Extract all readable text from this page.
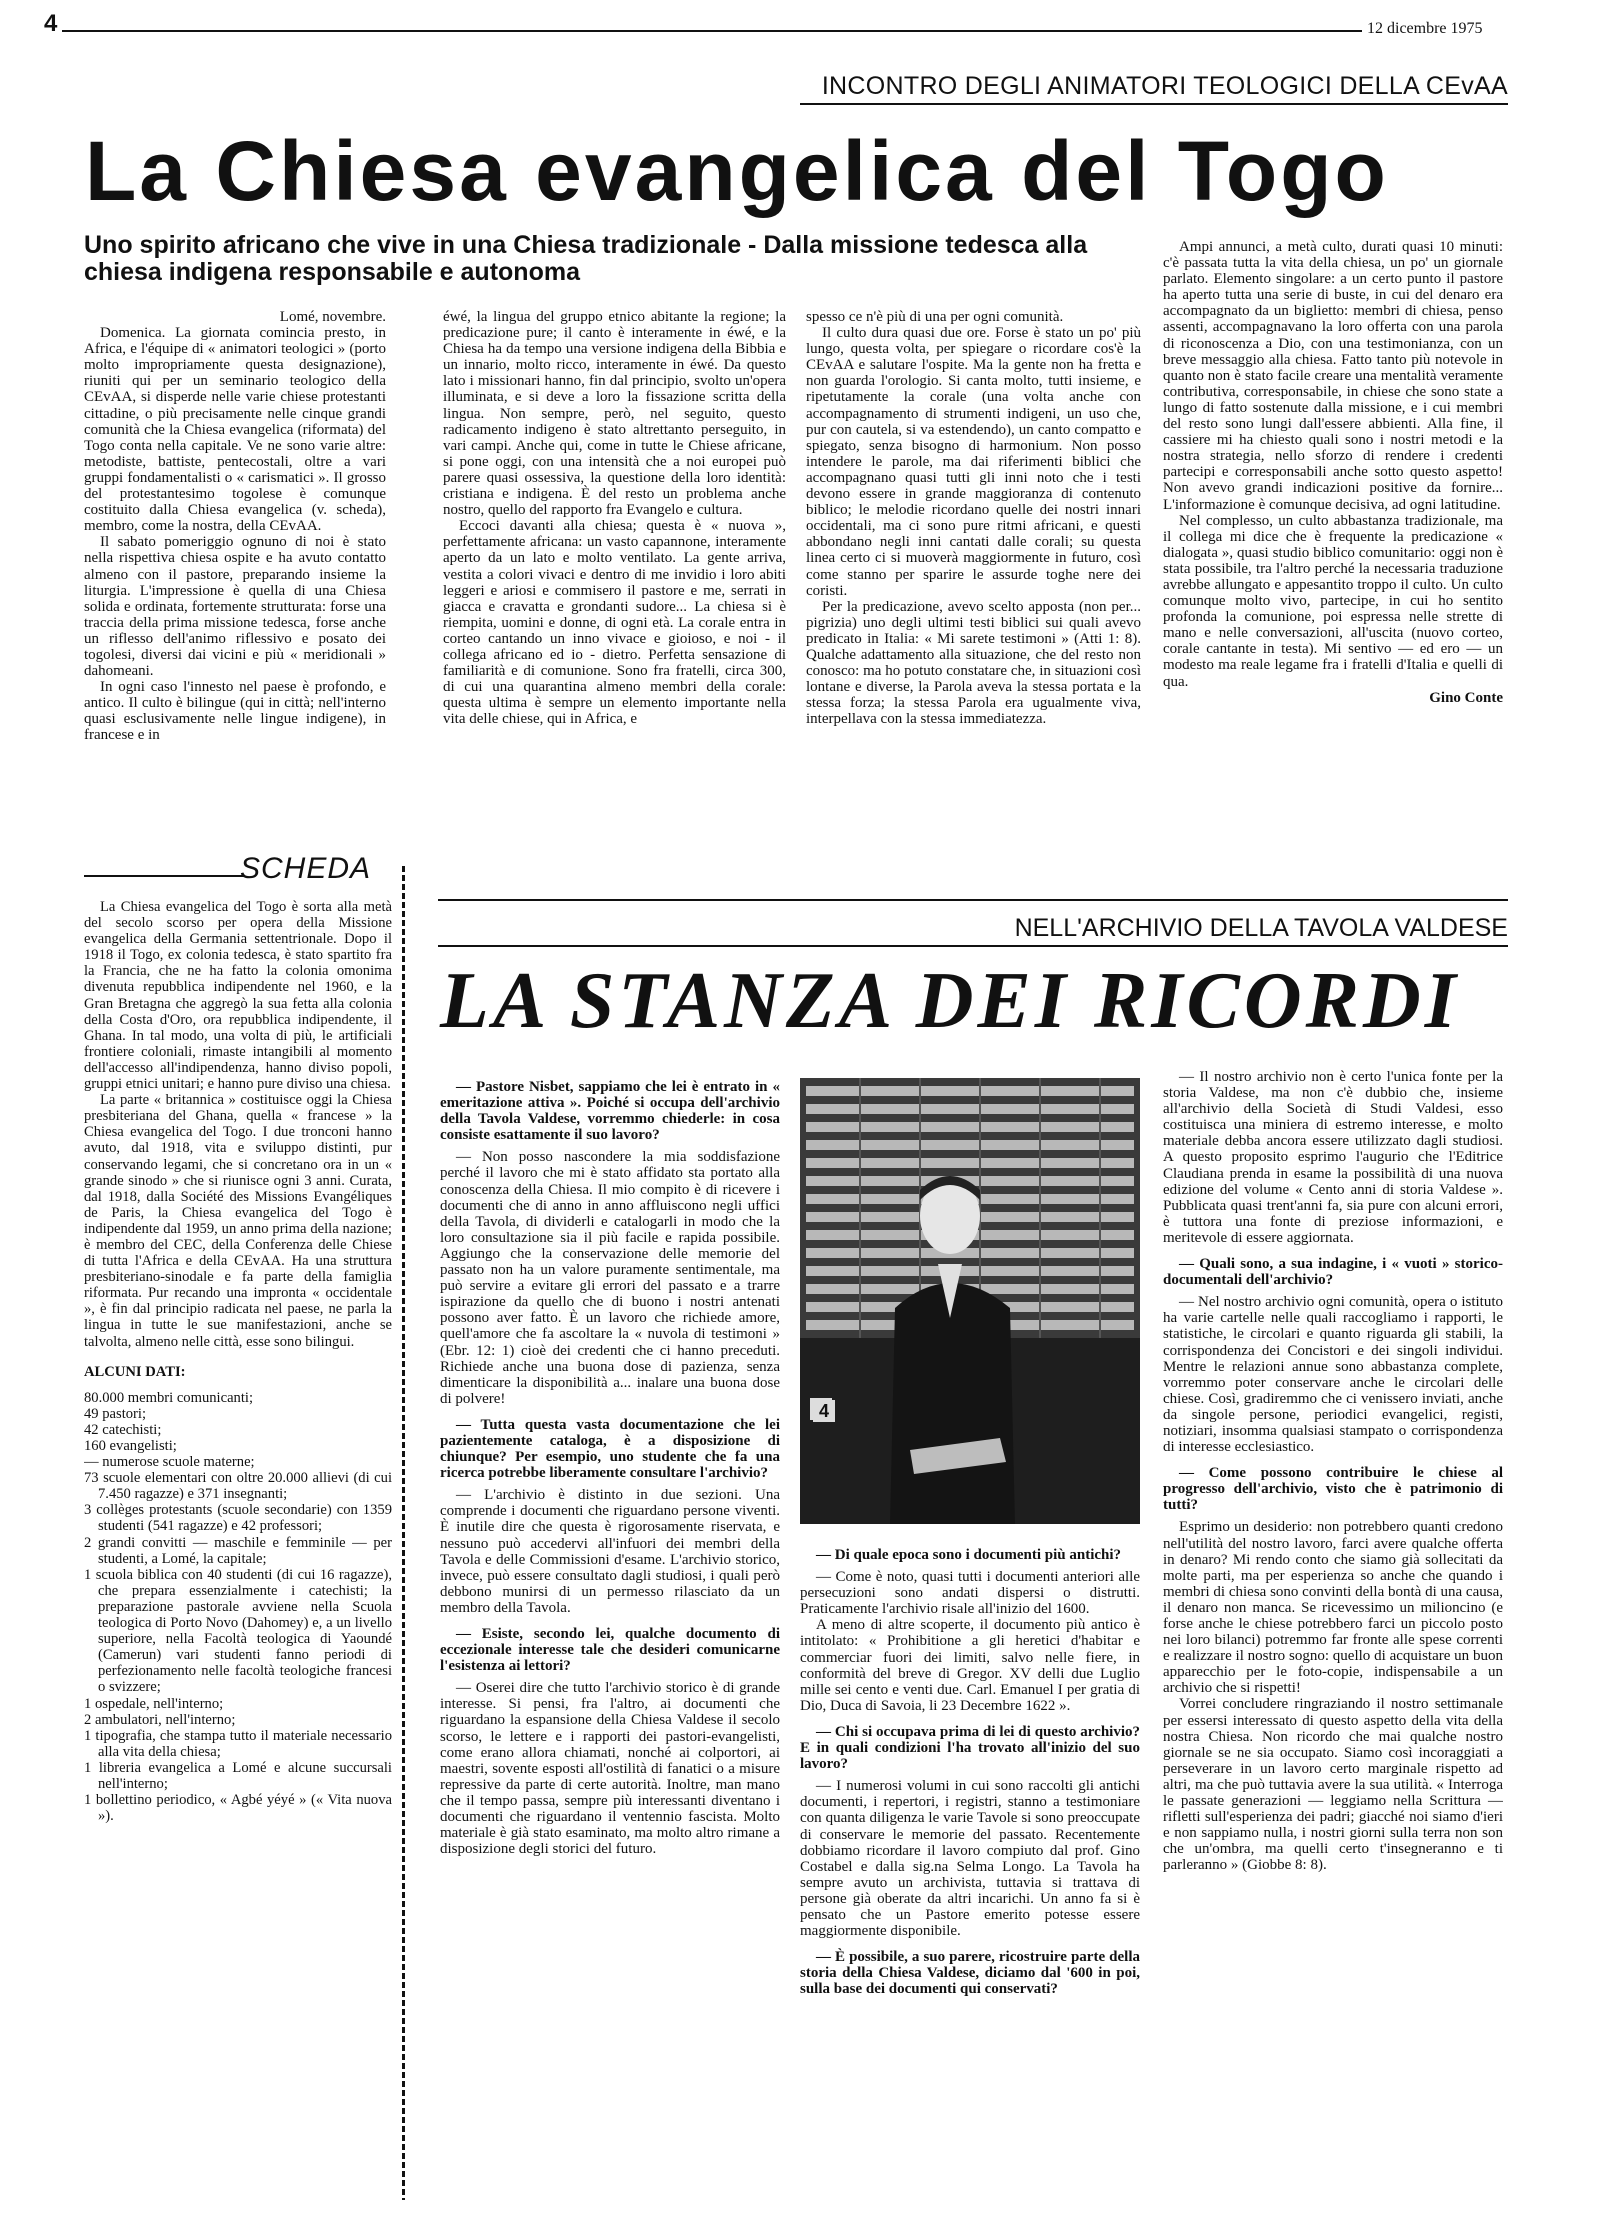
4	12 dicembre 1975
INCONTRO DEGLI ANIMATORI TEOLOGICI DELLA CEvAA
La Chiesa evangelica del Togo
Uno spirito africano che vive in una Chiesa tradizionale - Dalla missione tedesca alla chiesa indigena responsabile e autonoma

Lomé, novembre.

Domenica. La giornata comincia presto, in Africa, e l'équipe di « animatori teologici » (porto molto impropriamente questa designazione), riuniti qui per un seminario teologico della CEvAA, si disperde nelle varie chiese protestanti cittadine, o più precisamente nelle cinque grandi comunità che la Chiesa evangelica (riformata) del Togo conta nella capitale. Ve ne sono varie altre: metodiste, battiste, pentecostali, oltre a vari gruppi fondamentalisti o « carismatici ». Il grosso del protestantesimo togolese è comunque costituito dalla Chiesa evangelica (v. scheda), membro, come la nostra, della CEvAA.

Il sabato pomeriggio ognuno di noi è stato nella rispettiva chiesa ospite e ha avuto contatto almeno con il pastore, preparando insieme la liturgia. L'impressione è quella di una Chiesa solida e ordinata, fortemente strutturata: forse una traccia della prima missione tedesca, forse anche un riflesso dell'animo riflessivo e posato dei togolesi, diversi dai vicini e più « meridionali » dahomeani.

In ogni caso l'innesto nel paese è profondo, e antico. Il culto è bilingue (qui in città; nell'interno quasi esclusivamente nelle lingue indigene), in francese e in

éwé, la lingua del gruppo etnico abitante la regione; la predicazione pure; il canto è interamente in éwé, e la Chiesa ha da tempo una versione indigena della Bibbia e un innario, molto ricco, interamente in éwé. Da questo lato i missionari hanno, fin dal principio, svolto un'opera illuminata, e si deve a loro la fissazione scritta della lingua. Non sempre, però, nel seguito, questo radicamento indigeno è stato altrettanto perseguito, in vari campi. Anche qui, come in tutte le Chiese africane, si pone oggi, con una intensità che a noi europei può parere quasi ossessiva, la questione della loro identità: cristiana e indigena. È del resto un problema anche nostro, quello del rapporto fra Evangelo e cultura.

Eccoci davanti alla chiesa; questa è « nuova », perfettamente africana: un vasto capannone, interamente aperto da un lato e molto ventilato. La gente arriva, vestita a colori vivaci e dentro di me invidio i loro abiti leggeri e ariosi e commisero il pastore e me, serrati in giacca e cravatta e grondanti sudore... La chiesa si è riempita, uomini e donne, di ogni età. La corale entra in corteo cantando un inno vivace e gioioso, e noi - il collega africano ed io - dietro. Perfetta sensazione di familiarità e di comunione. Sono fra fratelli, circa 300, di cui una quarantina almeno membri della corale: questa ultima è sempre un elemento importante nella vita delle chiese, qui in Africa, e

spesso ce n'è più di una per ogni comunità.

Il culto dura quasi due ore. Forse è stato un po' più lungo, questa volta, per spiegare o ricordare cos'è la CEvAA e salutare l'ospite. Ma la gente non ha fretta e non guarda l'orologio. Si canta molto, tutti insieme, e ripetutamente la corale (una volta anche con accompagnamento di strumenti indigeni, un uso che, pur con cautela, si va estendendo), un canto compatto e spiegato, senza bisogno di harmonium. Non posso intendere le parole, ma dai riferimenti biblici che accompagnano quasi tutti gli inni noto che i testi devono essere in grande maggioranza di contenuto biblico; le melodie ricordano quelle dei nostri innari occidentali, ma ci sono pure ritmi africani, e questi abbondano negli inni cantati dalle corali; su questa linea certo ci si muoverà maggiormente in futuro, così come stanno per sparire le assurde toghe nere dei coristi.

Per la predicazione, avevo scelto apposta (non per... pigrizia) uno degli ultimi testi biblici sui quali avevo predicato in Italia: « Mi sarete testimoni » (Atti 1: 8). Qualche adattamento alla situazione, che del resto non conosco: ma ho potuto constatare che, in situazioni così lontane e diverse, la Parola aveva la stessa portata e la stessa forza; la stessa Parola era ugualmente viva, interpellava con la stessa immediatezza.

Ampi annunci, a metà culto, durati quasi 10 minuti: c'è passata tutta la vita della chiesa, un po' un giornale parlato. Elemento singolare: a un certo punto il pastore ha aperto tutta una serie di buste, in cui del denaro era accompagnato da un biglietto: membri di chiesa, penso assenti, accompagnavano la loro offerta con una parola di riconoscenza a Dio, con una testimonianza, con un breve messaggio alla chiesa. Fatto tanto più notevole in quanto non è stato facile creare una mentalità veramente contributiva, corresponsabile, in chiese che sono state a lungo di fatto sostenute dalla missione, e i cui membri del resto sono lungi dall'essere abbienti. Alla fine, il cassiere mi ha chiesto quali sono i nostri metodi e la nostra strategia, nello sforzo di rendere i credenti partecipi e corresponsabili anche sotto questo aspetto! Non avevo grandi indicazioni positive da fornire... L'informazione è comunque decisiva, ad ogni latitudine.

Nel complesso, un culto abbastanza tradizionale, ma il collega mi dice che è frequente la predicazione « dialogata », quasi studio biblico comunitario: oggi non è stata possibile, tra l'altro perché la necessaria traduzione avrebbe allungato e appesantito troppo il culto. Un culto comunque molto vivo, partecipe, in cui ho sentito profonda la comunione, poi espressa nelle strette di mano e nelle conversazioni, all'uscita (nuovo corteo, corale cantante in testa). Mi sentivo — ed ero — un modesto ma reale legame fra i fratelli d'Italia e quelli di qua.

Gino Conte

SCHEDA

La Chiesa evangelica del Togo è sorta alla metà del secolo scorso per opera della Missione evangelica della Germania settentrionale. Dopo il 1918 il Togo, ex colonia tedesca, è stato spartito fra la Francia, che ne ha fatto la colonia omonima divenuta repubblica indipendente nel 1960, e la Gran Bretagna che aggregò la sua fetta alla colonia della Costa d'Oro, ora repubblica indipendente, il Ghana. In tal modo, una volta di più, le artificiali frontiere coloniali, rimaste intangibili al momento dell'accesso all'indipendenza, hanno diviso popoli, gruppi etnici unitari; e hanno pure diviso una chiesa.

La parte « britannica » costituisce oggi la Chiesa presbiteriana del Ghana, quella « francese » la Chiesa evangelica del Togo. I due tronconi hanno avuto, dal 1918, vita e sviluppo distinti, pur conservando legami, che si concretano ora in un « grande sinodo » che si riunisce ogni 3 anni. Curata, dal 1918, dalla Société des Missions Evangéliques de Paris, la Chiesa evangelica del Togo è indipendente dal 1959, un anno prima della nazione; è membro del CEC, della Conferenza delle Chiese di tutta l'Africa e della CEvAA. Ha una struttura presbiteriano-sinodale e fa parte della famiglia riformata. Pur recando una impronta « occidentale », è fin dal principio radicata nel paese, ne parla la lingua in tutte le sue manifestazioni, anche se talvolta, almeno nelle città, esse sono bilingui.

ALCUNI DATI:

80.000 membri comunicanti;

49 pastori;

42 catechisti;

160 evangelisti;

— numerose scuole materne;

73 scuole elementari con oltre 20.000 allievi (di cui 7.450 ragazze) e 371 insegnanti;

3 collèges protestants (scuole secondarie) con 1359 studenti (541 ragazze) e 42 professori;

2 grandi convitti — maschile e femminile — per studenti, a Lomé, la capitale;

1 scuola biblica con 40 studenti (di cui 16 ragazze), che prepara essenzialmente i catechisti; la preparazione pastorale avviene nella Scuola teologica di Porto Novo (Dahomey) e, a un livello superiore, nella Facoltà teologica di Yaoundé (Camerun) vari studenti fanno periodi di perfezionamento nelle facoltà teologiche francesi o svizzere;

1 ospedale, nell'interno;

2 ambulatori, nell'interno;

1 tipografia, che stampa tutto il materiale necessario alla vita della chiesa;

1 libreria evangelica a Lomé e alcune succursali nell'interno;

1 bollettino periodico, « Agbé yéyé » (« Vita nuova »).

NELL'ARCHIVIO DELLA TAVOLA VALDESE
LA STANZA DEI RICORDI

— Pastore Nisbet, sappiamo che lei è entrato in « emeritazione attiva ». Poiché si occupa dell'archivio della Tavola Valdese, vorremmo chiederle: in cosa consiste esattamente il suo lavoro?

— Non posso nascondere la mia soddisfazione perché il lavoro che mi è stato affidato sta portato alla conoscenza della Chiesa. Il mio compito è di ricevere i documenti che di anno in anno affluiscono negli uffici della Tavola, di dividerli e catalogarli in modo che la loro consultazione sia il più facile e rapida possibile. Aggiungo che la conservazione delle memorie del passato non ha un valore puramente sentimentale, ma può servire a evitare gli errori del passato e a trarre ispirazione da quello che di buono i nostri antenati possono aver fatto. È un lavoro che richiede amore, quell'amore che fa ascoltare la « nuvola di testimoni » (Ebr. 12: 1) cioè dei credenti che ci hanno preceduti. Richiede anche una buona dose di pazienza, senza dimenticare la disponibilità a... inalare una buona dose di polvere!

— Tutta questa vasta documentazione che lei pazientemente cataloga, è a disposizione di chiunque? Per esempio, uno studente che fa una ricerca potrebbe liberamente consultare l'archivio?

— L'archivio è distinto in due sezioni. Una comprende i documenti che riguardano persone viventi. È inutile dire che questa è rigorosamente riservata, e nessuno può accedervi all'infuori dei membri della Tavola e delle Commissioni d'esame. L'archivio storico, invece, può essere consultato dagli studiosi, i quali però debbono munirsi di un permesso rilasciato da un membro della Tavola.

— Esiste, secondo lei, qualche documento di eccezionale interesse tale che desideri comunicarne l'esistenza ai lettori?

— Oserei dire che tutto l'archivio storico è di grande interesse. Si pensi, fra l'altro, ai documenti che riguardano la espansione della Chiesa Valdese il secolo scorso, le lettere e i rapporti dei pastori-evangelisti, come erano allora chiamati, nonché ai colportori, ai maestri, sovente esposti all'ostilità di fanatici o a misure repressive da parte di certe autorità. Inoltre, man mano che il tempo passa, sempre più interessanti diventano i documenti che riguardano il ventennio fascista. Molto materiale è già stato esaminato, ma molto altro rimane a disposizione degli storici del futuro.

4

— Di quale epoca sono i documenti più antichi?

— Come è noto, quasi tutti i documenti anteriori alle persecuzioni sono andati dispersi o distrutti. Praticamente l'archivio risale all'inizio del 1600.

A meno di altre scoperte, il documento più antico è intitolato: « Prohibitione a gli heretici d'habitar e commerciar fuori dei limiti, salvo nelle fiere, in conformità del breve di Gregor. XV delli due Luglio mille sei cento e venti due. Carl. Emanuel I per gratia di Dio, Duca di Savoia, li 23 Decembre 1622 ».

— Chi si occupava prima di lei di questo archivio? E in quali condizioni l'ha trovato all'inizio del suo lavoro?

— I numerosi volumi in cui sono raccolti gli antichi documenti, i repertori, i registri, stanno a testimoniare con quanta diligenza le varie Tavole si sono preoccupate di conservare le memorie del passato. Recentemente dobbiamo ricordare il lavoro compiuto dal prof. Gino Costabel e dalla sig.na Selma Longo. La Tavola ha sempre avuto un archivista, tuttavia si trattava di persone già oberate da altri incarichi. Un anno fa si è pensato che un Pastore emerito potesse essere maggiormente disponibile.

— È possibile, a suo parere, ricostruire parte della storia della Chiesa Valdese, diciamo dal '600 in poi, sulla base dei documenti qui conservati?

— Il nostro archivio non è certo l'unica fonte per la storia Valdese, ma non c'è dubbio che, insieme all'archivio della Società di Studi Valdesi, esso costituisca una miniera di estremo interesse, e molto materiale debba ancora essere utilizzato dagli studiosi. A questo proposito esprimo l'augurio che l'Editrice Claudiana prenda in esame la possibilità di una nuova edizione del volume « Cento anni di storia Valdese ». Pubblicata quasi trent'anni fa, sia pure con alcuni errori, è tuttora una fonte di preziose informazioni, e meritevole di essere aggiornata.

— Quali sono, a sua indagine, i « vuoti » storico-documentali dell'archivio?

— Nel nostro archivio ogni comunità, opera o istituto ha varie cartelle nelle quali raccogliamo i rapporti, le statistiche, le circolari e quanto riguarda gli stabili, la corrispondenza dei Concistori e dei singoli individui. Mentre le relazioni annue sono abbastanza complete, vorremmo poter conservare anche le circolari delle chiese. Così, gradiremmo che ci venissero inviati, anche da singole persone, periodici evangelici, registi, notiziari, insomma qualsiasi stampato o corrispondenza di interesse ecclesiastico.

— Come possono contribuire le chiese al progresso dell'archivio, visto che è patrimonio di tutti?

Esprimo un desiderio: non potrebbero quanti credono nell'utilità del nostro lavoro, farci avere qualche offerta in denaro? Mi rendo conto che siamo già sollecitati da molte parti, ma per esperienza so anche che quando i membri di chiesa sono convinti della bontà di una causa, il denaro non manca. Se ricevessimo un milioncino (e forse anche le chiese potrebbero farci un piccolo posto nei loro bilanci) potremmo far fronte alle spese correnti e realizzare il nostro sogno: quello di acquistare un buon apparecchio per le foto-copie, indispensabile a un archivio che si rispetti!

Vorrei concludere ringraziando il nostro settimanale per essersi interessato di questo aspetto della vita della nostra Chiesa. Non ricordo che mai qualche nostro giornale se ne sia occupato. Siamo così incoraggiati a perseverare in un lavoro certo marginale rispetto ad altri, ma che può tuttavia avere la sua utilità. « Interroga le passate generazioni — leggiamo nella Scrittura — rifletti sull'esperienza dei padri; giacché noi siamo d'ieri e non sappiamo nulla, i nostri giorni sulla terra non son che un'ombra, ma quelli certo t'insegneranno e ti parleranno » (Giobbe 8: 8).
